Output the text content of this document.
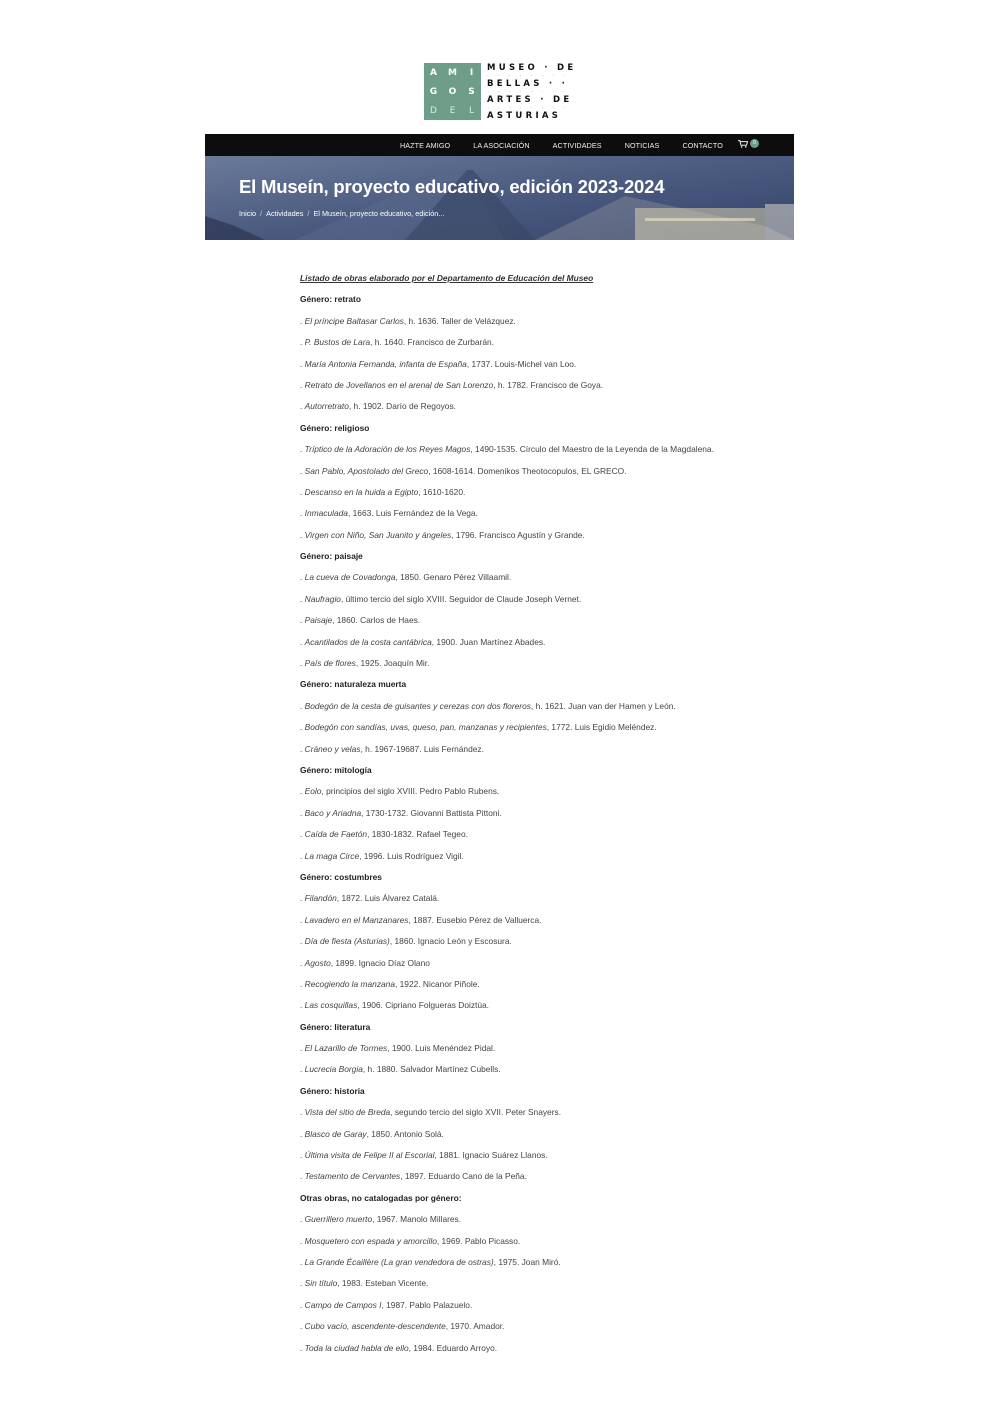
A	M	I
G	O	S
D	E	L
MUSEO · DE
· · · · · · · ·
BELLAS · ·
· · · · · · · ·
ARTES · DE
· · · · · · · ·
ASTURIAS
HAZTE AMIGO	LA ASOCIACIÓN	ACTIVIDADES	NOTICIAS	CONTACTO	0
El Museín, proyecto educativo, edición 2023-2024
Inicio / Actividades / El Museín, proyecto educativo, edición...
Listado de obras elaborado por el Departamento de Educación del Museo
Género: retrato
. El príncipe Baltasar Carlos, h. 1636. Taller de Velázquez.
. P. Bustos de Lara, h. 1640. Francisco de Zurbarán.
. María Antonia Fernanda, infanta de España, 1737. Louis-Michel van Loo.
. Retrato de Jovellanos en el arenal de San Lorenzo, h. 1782. Francisco de Goya.
. Autorretrato, h. 1902. Darío de Regoyos.
Género: religioso
. Tríptico de la Adoración de los Reyes Magos, 1490-1535. Círculo del Maestro de la Leyenda de la Magdalena.
. San Pablo, Apostolado del Greco, 1608-1614. Domenikos Theotocopulos, EL GRECO.
. Descanso en la huida a Egipto, 1610-1620.
. Inmaculada, 1663. Luis Fernández de la Vega.
. Virgen con Niño, San Juanito y ángeles, 1796. Francisco Agustín y Grande.
Género: paisaje
. La cueva de Covadonga, 1850. Genaro Pérez Villaamil.
. Naufragio, último tercio del siglo XVIII. Seguidor de Claude Joseph Vernet.
. Paisaje, 1860. Carlos de Haes.
. Acantilados de la costa cantábrica, 1900. Juan Martínez Abades.
. País de flores, 1925. Joaquín Mir.
Género: naturaleza muerta
. Bodegón de la cesta de guisantes y cerezas con dos floreros, h. 1621. Juan van der Hamen y León.
. Bodegón con sandías, uvas, queso, pan, manzanas y recipientes, 1772. Luis Egidio Meléndez.
. Cráneo y velas, h. 1967-19687. Luis Fernández.
Género: mitología
. Eolo, principios del siglo XVIII. Pedro Pablo Rubens.
. Baco y Ariadna, 1730-1732. Giovanni Battista Pittoni.
. Caída de Faetón, 1830-1832. Rafael Tegeo.
. La maga Circe, 1996. Luis Rodríguez Vigil.
Género: costumbres
. Filandón, 1872. Luis Álvarez Catalá.
. Lavadero en el Manzanares, 1887. Eusebio Pérez de Valluerca.
. Día de fiesta (Asturias), 1860. Ignacio León y Escosura.
. Agosto, 1899. Ignacio Díaz Olano
. Recogiendo la manzana, 1922. Nicanor Piñole.
. Las cosquillas, 1906. Cipriano Folgueras Doiztúa.
Género: literatura
. El Lazarillo de Tormes, 1900. Luis Menéndez Pidal.
. Lucrecia Borgia, h. 1880. Salvador Martínez Cubells.
Género: historia
. Vista del sitio de Breda, segundo tercio del siglo XVII. Peter Snayers.
. Blasco de Garay, 1850. Antonio Solá.
. Última visita de Felipe II al Escorial, 1881. Ignacio Suárez Llanos.
. Testamento de Cervantes, 1897. Eduardo Cano de la Peña.
Otras obras, no catalogadas por género:
. Guerrillero muerto, 1967. Manolo Millares.
. Mosquetero con espada y amorcillo, 1969. Pablo Picasso.
. La Grande Écaillère (La gran vendedora de ostras), 1975. Joan Miró.
. Sin título, 1983. Esteban Vicente.
. Campo de Campos I, 1987. Pablo Palazuelo.
. Cubo vacío, ascendente-descendente, 1970. Amador.
. Toda la ciudad habla de ello, 1984. Eduardo Arroyo.
